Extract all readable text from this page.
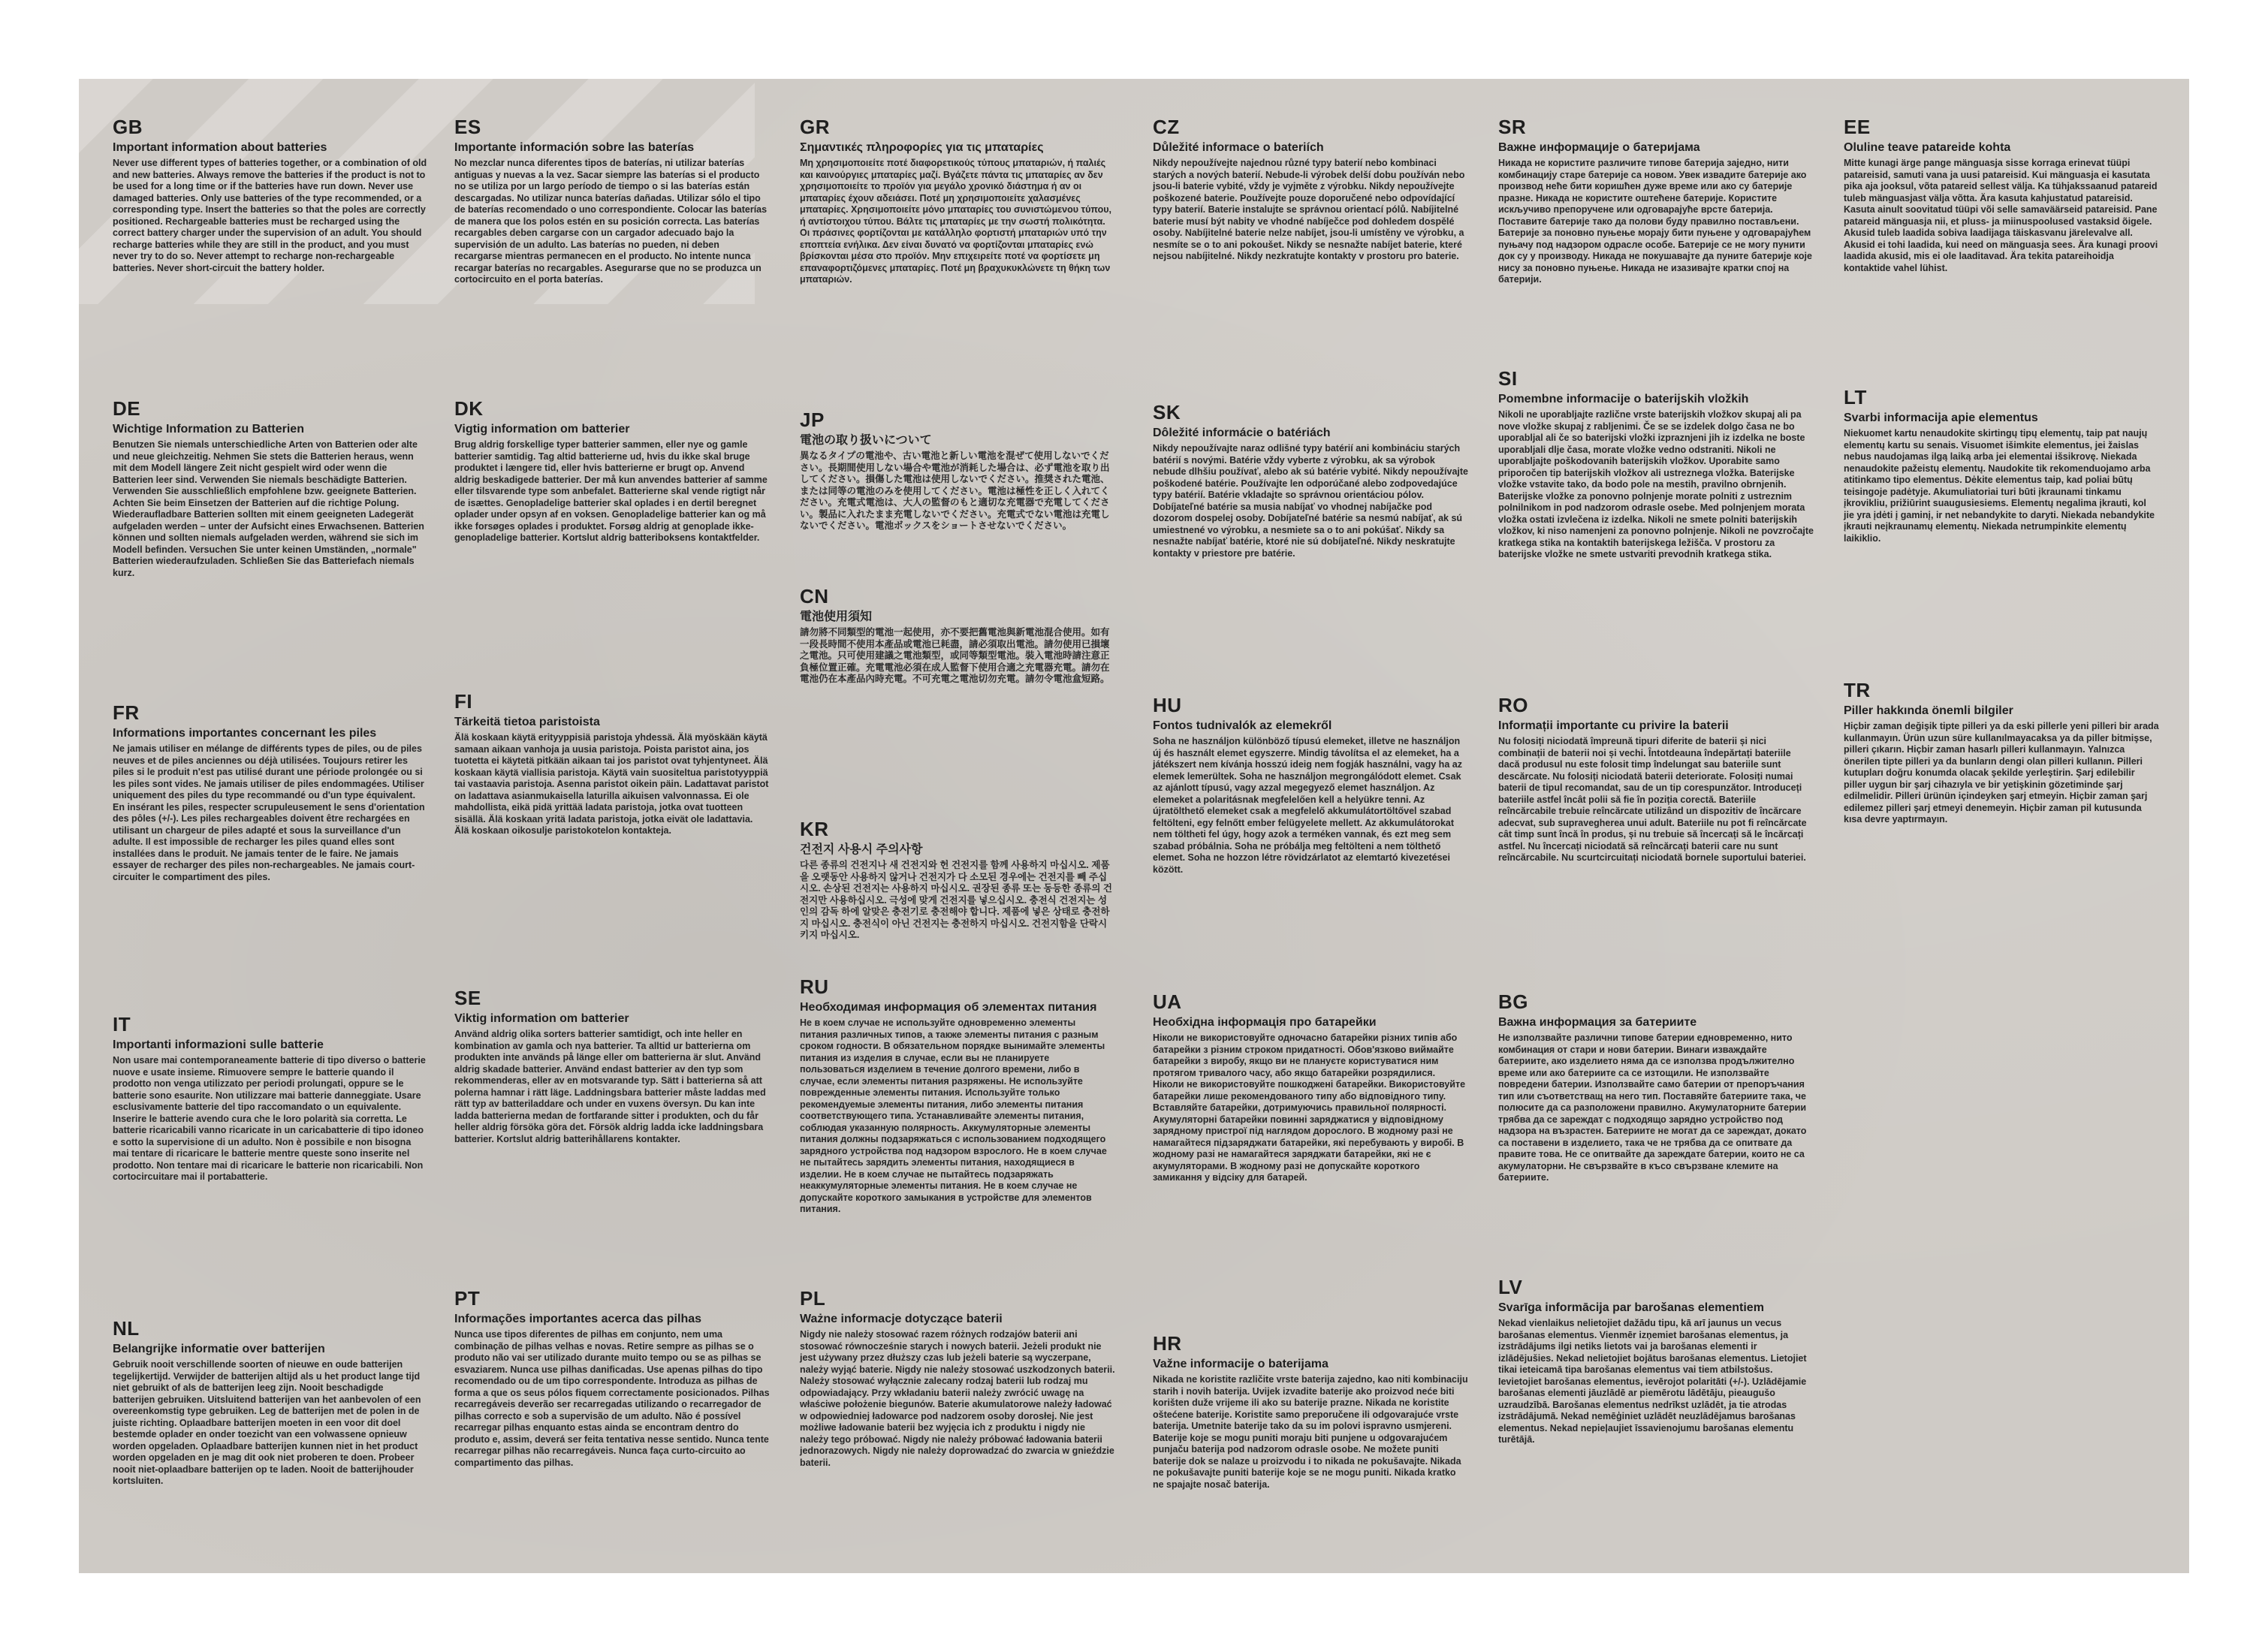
GB
Important information about batteries

Never use different types of batteries together, or a combination of old and new batteries. Always remove the batteries if the product is not to be used for a long time or if the batteries have run down. Never use damaged batteries. Only use batteries of the type recommended, or a corresponding type. Insert the batteries so that the poles are correctly positioned. Rechargeable batteries must be recharged using the correct battery charger under the supervision of an adult. You should recharge batteries while they are still in the product, and you must never try to do so. Never attempt to recharge non-rechargeable batteries. Never short-circuit the battery holder.

DE
Wichtige Information zu Batterien

Benutzen Sie niemals unterschiedliche Arten von Batterien oder alte und neue gleichzeitig. Nehmen Sie stets die Batterien heraus, wenn mit dem Modell längere Zeit nicht gespielt wird oder wenn die Batterien leer sind. Verwenden Sie niemals beschädigte Batterien. Verwenden Sie ausschließlich empfohlene bzw. geeignete Batterien. Achten Sie beim Einsetzen der Batterien auf die richtige Polung. Wiederaufladbare Batterien sollten mit einem geeigneten Ladegerät aufgeladen werden – unter der Aufsicht eines Erwachsenen. Batterien können und sollten niemals aufgeladen werden, während sie sich im Modell befinden. Versuchen Sie unter keinen Umständen, „normale" Batterien wiederaufzuladen. Schließen Sie das Batteriefach niemals kurz.

FR
Informations importantes concernant les piles

Ne jamais utiliser en mélange de différents types de piles, ou de piles neuves et de piles anciennes ou déjà utilisées. Toujours retirer les piles si le produit n'est pas utilisé durant une période prolongée ou si les piles sont vides. Ne jamais utiliser de piles endommagées. Utiliser uniquement des piles du type recommandé ou d'un type équivalent. En insérant les piles, respecter scrupuleusement le sens d'orientation des pôles (+/-). Les piles rechargeables doivent être rechargées en utilisant un chargeur de piles adapté et sous la surveillance d'un adulte. Il est impossible de recharger les piles quand elles sont installées dans le produit. Ne jamais tenter de le faire. Ne jamais essayer de recharger des piles non-rechargeables. Ne jamais court-circuiter le compartiment des piles.

IT
Importanti informazioni sulle batterie

Non usare mai contemporaneamente batterie di tipo diverso o batterie nuove e usate insieme. Rimuovere sempre le batterie quando il prodotto non venga utilizzato per periodi prolungati, oppure se le batterie sono esaurite. Non utilizzare mai batterie danneggiate. Usare esclusivamente batterie del tipo raccomandato o un equivalente. Inserire le batterie avendo cura che le loro polarità sia corretta. Le batterie ricaricabili vanno ricaricate in un caricabatterie di tipo idoneo e sotto la supervisione di un adulto. Non è possibile e non bisogna mai tentare di ricaricare le batterie mentre queste sono inserite nel prodotto. Non tentare mai di ricaricare le batterie non ricaricabili. Non cortocircuitare mai il portabatterie.

NL
Belangrijke informatie over batterijen

Gebruik nooit verschillende soorten of nieuwe en oude batterijen tegelijkertijd. Verwijder de batterijen altijd als u het product lange tijd niet gebruikt of als de batterijen leeg zijn. Nooit beschadigde batterijen gebruiken. Uitsluitend batterijen van het aanbevolen of een overeenkomstig type gebruiken. Leg de batterijen met de polen in de juiste richting. Oplaadbare batterijen moeten in een voor dit doel bestemde oplader en onder toezicht van een volwassene opnieuw worden opgeladen. Oplaadbare batterijen kunnen niet in het product worden opgeladen en je mag dit ook niet proberen te doen. Probeer nooit niet-oplaadbare batterijen op te laden. Nooit de batterijhouder kortsluiten.

ES
Importante información sobre las baterías

No mezclar nunca diferentes tipos de baterías, ni utilizar baterías antiguas y nuevas a la vez. Sacar siempre las baterías si el producto no se utiliza por un largo período de tiempo o si las baterías están descargadas. No utilizar nunca baterías dañadas. Utilizar sólo el tipo de baterías recomendado o uno correspondiente. Colocar las baterías de manera que los polos estén en su posición correcta. Las baterías recargables deben cargarse con un cargador adecuado bajo la supervisión de un adulto. Las baterías no pueden, ni deben recargarse mientras permanecen en el producto. No intente nunca recargar baterías no recargables. Asegurarse que no se produzca un cortocircuito en el porta baterías.

DK
Vigtig information om batterier

Brug aldrig forskellige typer batterier sammen, eller nye og gamle batterier samtidig. Tag altid batterierne ud, hvis du ikke skal bruge produktet i længere tid, eller hvis batterierne er brugt op. Anvend aldrig beskadigede batterier. Der må kun anvendes batterier af samme eller tilsvarende type som anbefalet. Batterierne skal vende rigtigt når de isættes. Genopladelige batterier skal oplades i en dertil beregnet oplader under opsyn af en voksen. Genopladelige batterier kan og må ikke forsøges oplades i produktet. Forsøg aldrig at genoplade ikke-genopladelige batterier. Kortslut aldrig batteriboksens kontaktfelder.

FI
Tärkeitä tietoa paristoista

Älä koskaan käytä erityyppisiä paristoja yhdessä. Älä myöskään käytä samaan aikaan vanhoja ja uusia paristoja. Poista paristot aina, jos tuotetta ei käytetä pitkään aikaan tai jos paristot ovat tyhjentyneet. Älä koskaan käytä viallisia paristoja. Käytä vain suositeltua paristotyyppiä tai vastaavia paristoja. Asenna paristot oikein päin. Ladattavat paristot on ladattava asianmukaisella laturilla aikuisen valvonnassa. Ei ole mahdollista, eikä pidä yrittää ladata paristoja, jotka ovat tuotteen sisällä. Älä koskaan yritä ladata paristoja, jotka eivät ole ladattavia. Älä koskaan oikosulje paristokotelon kontakteja.

SE
Viktig information om batterier

Använd aldrig olika sorters batterier samtidigt, och inte heller en kombination av gamla och nya batterier. Ta alltid ur batterierna om produkten inte används på länge eller om batterierna är slut. Använd aldrig skadade batterier. Använd endast batterier av den typ som rekommenderas, eller av en motsvarande typ. Sätt i batterierna så att polerna hamnar i rätt läge. Laddningsbara batterier måste laddas med rätt typ av batteriladdare och under en vuxens översyn. Du kan inte ladda batterierna medan de fortfarande sitter i produkten, och du får heller aldrig försöka göra det. Försök aldrig ladda icke laddningsbara batterier. Kortslut aldrig batterihållarens kontakter.

PT
Informações importantes acerca das pilhas

Nunca use tipos diferentes de pilhas em conjunto, nem uma combinação de pilhas velhas e novas. Retire sempre as pilhas se o produto não vai ser utilizado durante muito tempo ou se as pilhas se esvaziarem. Nunca use pilhas danificadas. Use apenas pilhas do tipo recomendado ou de um tipo correspondente. Introduza as pilhas de forma a que os seus pólos fiquem correctamente posicionados. Pilhas recarregáveis deverão ser recarregadas utilizando o recarregador de pilhas correcto e sob a supervisão de um adulto. Não é possível recarregar pilhas enquanto estas ainda se encontram dentro do produto e, assim, deverá ser feita tentativa nesse sentido. Nunca tente recarregar pilhas não recarregáveis. Nunca faça curto-circuito ao compartimento das pilhas.

GR
Σημαντικές πληροφορίες για τις μπαταρίες

Μη χρησιμοποιείτε ποτέ διαφορετικούς τύπους μπαταριών, ή παλιές και καινούργιες μπαταρίες μαζί. Βγάζετε πάντα τις μπαταρίες αν δεν χρησιμοποιείτε το προϊόν για μεγάλο χρονικό διάστημα ή αν οι μπαταρίες έχουν αδειάσει. Ποτέ μη χρησιμοποιείτε χαλασμένες μπαταρίες. Χρησιμοποιείτε μόνο μπαταρίες του συνιστώμενου τύπου, ή αντίστοιχου τύπου. Βάλτε τις μπαταρίες με την σωστή πολικότητα. Οι πράσινες φορτίζονται με κατάλληλο φορτιστή μπαταριών υπό την εποπτεία ενήλικα. Δεν είναι δυνατό να φορτίζονται μπαταρίες ενώ βρίσκονται μέσα στο προϊόν. Μην επιχειρείτε ποτέ να φορτίσετε μη επαναφορτιζόμενες μπαταρίες. Ποτέ μη βραχυκυκλώνετε τη θήκη των μπαταριών.

JP
電池の取り扱いについて

異なるタイプの電池や、古い電池と新しい電池を混ぜて使用しないでください。長期間使用しない場合や電池が消耗した場合は、必ず電池を取り出してください。損傷した電池は使用しないでください。推奨された電池、または同等の電池のみを使用してください。電池は極性を正しく入れてください。充電式電池は、大人の監督のもと適切な充電器で充電してください。製品に入れたまま充電しないでください。充電式でない電池は充電しないでください。電池ボックスをショートさせないでください。

CN
電池使用須知

請勿將不同類型的電池一起使用，亦不要把舊電池與新電池混合使用。如有一段長時間不使用本產品或電池已耗盡，請必須取出電池。請勿使用已損壞之電池。只可使用建議之電池類型，或同等類型電池。裝入電池時請注意正負極位置正確。充電電池必須在成人監督下使用合適之充電器充電。請勿在電池仍在本產品內時充電。不可充電之電池切勿充電。請勿令電池盒短路。

KR
건전지 사용시 주의사항

다른 종류의 건전지나 새 건전지와 헌 건전지를 함께 사용하지 마십시오. 제품을 오랫동안 사용하지 않거나 건전지가 다 소모된 경우에는 건전지를 빼 주십시오. 손상된 건전지는 사용하지 마십시오. 권장된 종류 또는 동등한 종류의 건전지만 사용하십시오. 극성에 맞게 건전지를 넣으십시오. 충전식 건전지는 성인의 감독 하에 알맞은 충전기로 충전해야 합니다. 제품에 넣은 상태로 충전하지 마십시오. 충전식이 아닌 건전지는 충전하지 마십시오. 건전지함을 단락시키지 마십시오.

RU
Необходимая информация об элементах питания

Не в коем случае не используйте одновременно элементы питания различных типов, а также элементы питания с разным сроком годности. В обязательном порядке вынимайте элементы питания из изделия в случае, если вы не планируете пользоваться изделием в течение долгого времени, либо в случае, если элементы питания разряжены. Не используйте поврежденные элементы питания. Используйте только рекомендуемые элементы питания, либо элементы питания соответствующего типа. Устанавливайте элементы питания, соблюдая указанную полярность. Аккумуляторные элементы питания должны подзаряжаться с использованием подходящего зарядного устройства под надзором взрослого. Не в коем случае не пытайтесь зарядить элементы питания, находящиеся в изделии. Не в коем случае не пытайтесь подзаряжать неаккумуляторные элементы питания. Не в коем случае не допускайте короткого замыкания в устройстве для элементов питания.

PL
Ważne informacje dotyczące baterii

Nigdy nie należy stosować razem różnych rodzajów baterii ani stosować równocześnie starych i nowych baterii. Jeżeli produkt nie jest używany przez dłuższy czas lub jeżeli baterie są wyczerpane, należy wyjąć baterie. Nigdy nie należy stosować uszkodzonych baterii. Należy stosować wyłącznie zalecany rodzaj baterii lub rodzaj mu odpowiadający. Przy wkładaniu baterii należy zwrócić uwagę na właściwe położenie biegunów. Baterie akumulatorowe należy ładować w odpowiedniej ładowarce pod nadzorem osoby dorosłej. Nie jest możliwe ładowanie baterii bez wyjęcia ich z produktu i nigdy nie należy tego próbować. Nigdy nie należy próbować ładowania baterii jednorazowych. Nigdy nie należy doprowadzać do zwarcia w gnieździe baterii.

CZ
Důležité informace o bateriích

Nikdy nepoužívejte najednou různé typy baterií nebo kombinaci starých a nových baterií. Nebude-li výrobek delší dobu používán nebo jsou-li baterie vybité, vždy je vyjměte z výrobku. Nikdy nepoužívejte poškozené baterie. Používejte pouze doporučené nebo odpovídající typy baterií. Baterie instalujte se správnou orientací pólů. Nabíjitelné baterie musí být nabity ve vhodné nabíječce pod dohledem dospělé osoby. Nabíjitelné baterie nelze nabíjet, jsou-li umístěny ve výrobku, a nesmíte se o to ani pokoušet. Nikdy se nesnažte nabíjet baterie, které nejsou nabíjitelné. Nikdy nezkratujte kontakty v prostoru pro baterie.

SK
Dôležité informácie o batériách

Nikdy nepoužívajte naraz odlišné typy batérií ani kombináciu starých batérií s novými. Batérie vždy vyberte z výrobku, ak sa výrobok nebude dlhšiu používať, alebo ak sú batérie vybité. Nikdy nepoužívajte poškodené batérie. Používajte len odporúčané alebo zodpovedajúce typy batérií. Batérie vkladajte so správnou orientáciou pólov. Dobíjateľné batérie sa musia nabíjať vo vhodnej nabíjačke pod dozorom dospelej osoby. Dobíjateľné batérie sa nesmú nabíjať, ak sú umiestnené vo výrobku, a nesmiete sa o to ani pokúšať. Nikdy sa nesnažte nabíjať batérie, ktoré nie sú dobíjateľné. Nikdy neskratujte kontakty v priestore pre batérie.

HU
Fontos tudnivalók az elemekről

Soha ne használjon különböző típusú elemeket, illetve ne használjon új és használt elemet egyszerre. Mindig távolítsa el az elemeket, ha a játékszert nem kívánja hosszú ideig nem fogják használni, vagy ha az elemek lemerültek. Soha ne használjon megrongálódott elemet. Csak az ajánlott típusú, vagy azzal megegyező elemet használjon. Az elemeket a polaritásnak megfelelően kell a helyükre tenni. Az újratölthető elemeket csak a megfelelő akkumulátortöltővel szabad feltölteni, egy felnőtt ember felügyelete mellett. Az akkumulátorokat nem töltheti fel úgy, hogy azok a terméken vannak, és ezt meg sem szabad próbálnia. Soha ne próbálja meg feltölteni a nem tölthető elemet. Soha ne hozzon létre rövidzárlatot az elemtartó kivezetései között.

UA
Необхідна інформація про батарейки

Ніколи не використовуйте одночасно батарейки різних типів або батарейки з різним строком придатності. Обов'язково виймайте батарейки з виробу, якщо ви не плануєте користуватися ним протягом тривалого часу, або якщо батарейки розрядилися. Ніколи не використовуйте пошкоджені батарейки. Використовуйте батарейки лише рекомендованого типу або відповідного типу. Вставляйте батарейки, дотримуючись правильної полярності. Акумуляторні батарейки повинні заряджатися у відповідному зарядному пристрої під наглядом дорослого. В жодному разі не намагайтеся підзаряджати батарейки, які перебувають у виробі. В жодному разі не намагайтеся заряджати батарейки, які не є акумуляторами. В жодному разі не допускайте короткого замикання у відсіку для батарей.

HR
Važne informacije o baterijama

Nikada ne koristite različite vrste baterija zajedno, kao niti kombinaciju starih i novih baterija. Uvijek izvadite baterije ako proizvod neće biti korišten duže vrijeme ili ako su baterije prazne. Nikada ne koristite oštećene baterije. Koristite samo preporučene ili odgovarajuće vrste baterija. Umetnite baterije tako da su im polovi ispravno usmjereni. Baterije koje se mogu puniti moraju biti punjene u odgovarajućem punjaču baterija pod nadzorom odrasle osobe. Ne možete puniti baterije dok se nalaze u proizvodu i to nikada ne pokušavajte. Nikada ne pokušavajte puniti baterije koje se ne mogu puniti. Nikada kratko ne spajajte nosač baterija.

SR
Важне информације о батеријама

Никада не користите различите типове батерија заједно, нити комбинацију старе батерије са новом. Увек извадите батерије ако производ неће бити коришћен дуже време или ако су батерије празне. Никада не користите оштећене батерије. Користите искључиво препоручене или одговарајуће врсте батерија. Поставите батерије тако да полови буду правилно постављени. Батерије за поновно пуњење морају бити пуњене у одговарајућем пуњачу под надзором одрасле особе. Батерије се не могу пунити док су у производу. Никада не покушавајте да пуните батерије које нису за поновно пуњење. Никада не изазивајте кратки спој на батерији.

SI
Pomembne informacije o baterijskih vložkih

Nikoli ne uporabljajte različne vrste baterijskih vložkov skupaj ali pa nove vložke skupaj z rabljenimi. Če se se izdelek dolgo časa ne bo uporabljal ali če so baterijski vložki izpraznjeni jih iz izdelka ne boste uporabljali dlje časa, morate vložke vedno odstraniti. Nikoli ne uporabljajte poškodovanih baterijskih vložkov. Uporabite samo priporočen tip baterijskih vložkov ali ustreznega vložka. Baterijske vložke vstavite tako, da bodo pole na mestih, pravilno obrnjenih. Baterijske vložke za ponovno polnjenje morate polniti z ustreznim polnilnikom in pod nadzorom odrasle osebe. Med polnjenjem morata vložka ostati izvlečena iz izdelka. Nikoli ne smete polniti baterijskih vložkov, ki niso namenjeni za ponovno polnjenje. Nikoli ne povzročajte kratkega stika na kontaktih baterijskega ležišča. V prostoru za baterijske vložke ne smete ustvariti prevodnih kratkega stika.

RO
Informații importante cu privire la baterii

Nu folosiți niciodată împreună tipuri diferite de baterii și nici combinații de baterii noi și vechi. Întotdeauna îndepărtați bateriile dacă produsul nu este folosit timp îndelungat sau bateriile sunt descărcate. Nu folosiți niciodată baterii deteriorate. Folosiți numai baterii de tipul recomandat, sau de un tip corespunzător. Introduceți bateriile astfel încât polii să fie în poziția corectă. Bateriile reîncărcabile trebuie reîncărcate utilizând un dispozitiv de încărcare adecvat, sub supravegherea unui adult. Bateriile nu pot fi reîncărcate cât timp sunt încă în produs, și nu trebuie să încercați să le încărcați astfel. Nu încercați niciodată să reîncărcați baterii care nu sunt reîncărcabile. Nu scurtcircuitați niciodată bornele suportului bateriei.

BG
Важна информация за батериите

Не използвайте различни типове батерии едновременно, нито комбинация от стари и нови батерии. Винаги изваждайте батериите, ако изделието няма да се използва продължително време или ако батериите са се изтощили. Не използвайте повредени батерии. Използвайте само батерии от препоръчания тип или съответстващ на него тип. Поставяйте батериите така, че полюсите да са разположени правилно. Акумулаторните батерии трябва да се зареждат с подходящо зарядно устройство под надзора на възрастен. Батериите не могат да се зареждат, докато са поставени в изделието, така че не трябва да се опитвате да правите това. Не се опитвайте да зареждате батерии, които не са акумулаторни. Не свързвайте в късо свързване клемите на батериите.

LV
Svarīga informācija par barošanas elementiem

Nekad vienlaikus nelietojiet dažādu tipu, kā arī jaunus un vecus barošanas elementus. Vienmēr izņemiet barošanas elementus, ja izstrādājums ilgi netiks lietots vai ja barošanas elementi ir izlādējušies. Nekad nelietojiet bojātus barošanas elementus. Lietojiet tikai ieteicamā tipa barošanas elementus vai tiem atbilstošus. Ievietojiet barošanas elementus, ievērojot polaritāti (+/-). Uzlādējamie barošanas elementi jāuzlādē ar piemērotu lādētāju, pieaugušo uzraudzībā. Barošanas elementus nedrīkst uzlādēt, ja tie atrodas izstrādājumā. Nekad nemēģiniet uzlādēt neuzlādējamus barošanas elementus. Nekad nepieļaujiet īssavienojumu barošanas elementu turētājā.

EE
Oluline teave patareide kohta

Mitte kunagi ärge pange mänguasja sisse korraga erinevat tüüpi patareisid, samuti vana ja uusi patareisid. Kui mänguasja ei kasutata pika aja jooksul, võta patareid sellest välja. Ka tühjakssaanud patareid tuleb mänguasjast välja võtta. Ära kasuta kahjustatud patareisid. Kasuta ainult soovitatud tüüpi või selle samaväärseid patareisid. Pane patareid mänguasja nii, et pluss- ja miinuspoolused vastaksid õigele. Akusid tuleb laadida sobiva laadijaga täiskasvanu järelevalve all. Akusid ei tohi laadida, kui need on mänguasja sees. Ära kunagi proovi laadida akusid, mis ei ole laaditavad. Ära tekita patareihoidja kontaktide vahel lühist.

LT
Svarbi informacija apie elementus

Niekuomet kartu nenaudokite skirtingų tipų elementų, taip pat naujų elementų kartu su senais. Visuomet išimkite elementus, jei žaislas nebus naudojamas ilgą laiką arba jei elementai išsikrovę. Niekada nenaudokite pažeistų elementų. Naudokite tik rekomenduojamo arba atitinkamo tipo elementus. Dėkite elementus taip, kad poliai būtų teisingoje padėtyje. Akumuliatoriai turi būti įkraunami tinkamu įkrovikliu, prižiūrint suaugusiesiems. Elementų negalima įkrauti, kol jie yra įdėti į gaminį, ir net nebandykite to daryti. Niekada nebandykite įkrauti neįkraunamų elementų. Niekada netrumpinkite elementų laikiklio.

TR
Piller hakkında önemli bilgiler

Hiçbir zaman değişik tipte pilleri ya da eski pillerle yeni pilleri bir arada kullanmayın. Ürün uzun süre kullanılmayacaksa ya da piller bitmişse, pilleri çıkarın. Hiçbir zaman hasarlı pilleri kullanmayın. Yalnızca önerilen tipte pilleri ya da bunların dengi olan pilleri kullanın. Pilleri kutupları doğru konumda olacak şekilde yerleştirin. Şarj edilebilir piller uygun bir şarj cihazıyla ve bir yetişkinin gözetiminde şarj edilmelidir. Pilleri ürünün içindeyken şarj etmeyin. Hiçbir zaman şarj edilemez pilleri şarj etmeyi denemeyin. Hiçbir zaman pil kutusunda kısa devre yaptırmayın.
